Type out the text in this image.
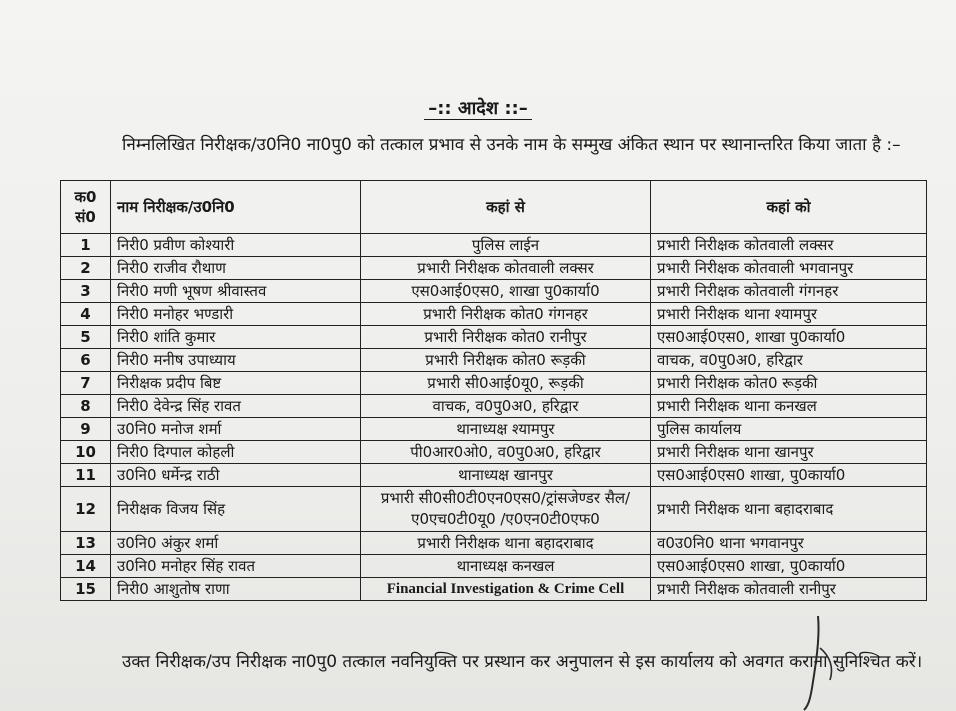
–:: आदेश ::–
निम्नलिखित निरीक्षक/उ0नि0 ना0पु0 को तत्काल प्रभाव से उनके नाम के सम्मुख अंकित स्थान पर स्थानान्तरित किया जाता है :–
क0 सं0	नाम निरीक्षक/उ0नि0	कहां से	कहां को
1	निरी0 प्रवीण कोश्यारी	पुलिस लाईन	प्रभारी निरीक्षक कोतवाली लक्सर
2	निरी0 राजीव रौथाण	प्रभारी निरीक्षक कोतवाली लक्सर	प्रभारी निरीक्षक कोतवाली भगवानपुर
3	निरी0 मणी भूषण श्रीवास्तव	एस0आई0एस0, शाखा पु0कार्या0	प्रभारी निरीक्षक कोतवाली गंगनहर
4	निरी0 मनोहर भण्डारी	प्रभारी निरीक्षक कोत0 गंगनहर	प्रभारी निरीक्षक थाना श्यामपुर
5	निरी0 शांति कुमार	प्रभारी निरीक्षक कोत0 रानीपुर	एस0आई0एस0, शाखा पु0कार्या0
6	निरी0 मनीष उपाध्याय	प्रभारी निरीक्षक कोत0 रूड़की	वाचक, व0पु0अ0, हरिद्वार
7	निरीक्षक प्रदीप बिष्ट	प्रभारी सी0आई0यू0, रूड़की	प्रभारी निरीक्षक कोत0 रूड़की
8	निरी0 देवेन्द्र सिंह रावत	वाचक, व0पु0अ0, हरिद्वार	प्रभारी निरीक्षक थाना कनखल
9	उ0नि0 मनोज शर्मा	थानाध्यक्ष श्यामपुर	पुलिस कार्यालय
10	निरी0 दिग्पाल कोहली	पी0आर0ओ0, व0पु0अ0, हरिद्वार	प्रभारी निरीक्षक थाना खानपुर
11	उ0नि0 धर्मेन्द्र राठी	थानाध्यक्ष खानपुर	एस0आई0एस0 शाखा, पु0कार्या0
12	निरीक्षक विजय सिंह	प्रभारी सी0सी0टी0एन0एस0/ट्रांसजेण्डर सैल/ए0एच0टी0यू0 /ए0एन0टी0एफ0	प्रभारी निरीक्षक थाना बहादराबाद
13	उ0नि0 अंकुर शर्मा	प्रभारी निरीक्षक थाना बहादराबाद	व0उ0नि0 थाना भगवानपुर
14	उ0नि0 मनोहर सिंह रावत	थानाध्यक्ष कनखल	एस0आई0एस0 शाखा, पु0कार्या0
15	निरी0 आशुतोष राणा	Financial Investigation & Crime Cell	प्रभारी निरीक्षक कोतवाली रानीपुर
उक्त निरीक्षक/उप निरीक्षक ना0पु0 तत्काल नवनियुक्ति पर प्रस्थान कर अनुपालन से इस कार्यालय को अवगत कराना सुनिश्चित करें।
